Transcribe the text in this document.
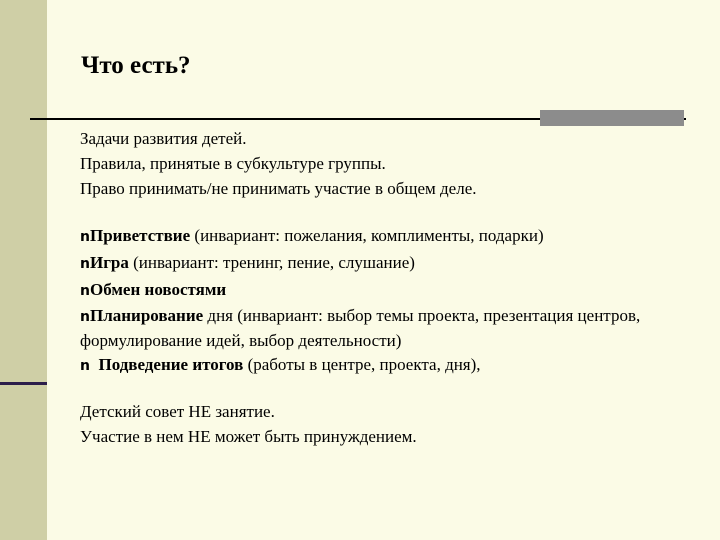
Что есть?

Задачи развития детей.

Правила, принятые в субкультуре группы.

Право принимать/не принимать участие в общем деле.

nПриветствие (инвариант: пожелания, комплименты, подарки)

nИгра (инвариант: тренинг, пение, слушание)

nОбмен новостями

nПланирование дня (инвариант: выбор темы проекта, презентация центров, формулирование идей, выбор деятельности)

n Подведение итогов (работы в центре, проекта, дня),

Детский совет НЕ занятие.

Участие в нем НЕ может быть принуждением.
